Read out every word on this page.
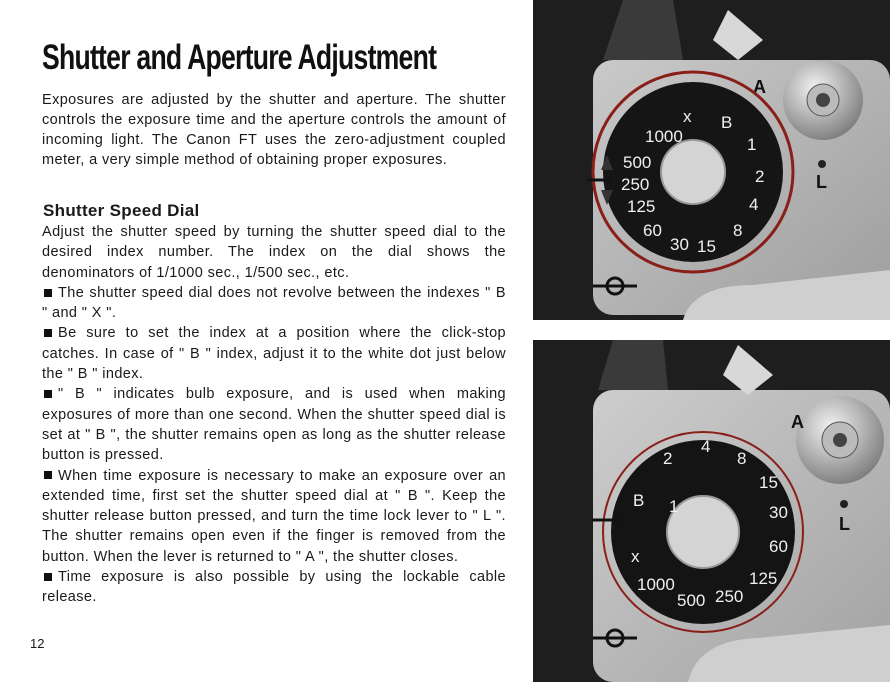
Shutter and Aperture Adjustment
Exposures are adjusted by the shutter and aperture. The shutter controls the exposure time and the aperture controls the amount of incoming light. The Canon FT uses the zero-adjustment coupled meter, a very simple method of obtaining proper exposures.
Shutter Speed Dial

Adjust the shutter speed by turning the shutter speed dial to the desired index number. The index on the dial shows the denominators of 1/1000 sec., 1/500 sec., etc.

The shutter speed dial does not revolve between the indexes " B " and " X ".

Be sure to set the index at a position where the click-stop catches. In case of " B " index, adjust it to the white dot just below the " B " index.

" B " indicates bulb exposure, and is used when making exposures of more than one second. When the shutter speed dial is set at " B ", the shutter remains open as long as the shutter release button is pressed.

When time exposure is necessary to make an exposure over an extended time, first set the shutter speed dial at " B ". Keep the shutter release button pressed, and turn the time lock lever to " L ". The shutter remains open even if the finger is removed from the button. When the lever is returned to " A ", the shutter closes.

Time exposure is also possible by using the lockable cable release.

12
A
L
x
1000
500
250
125
60
30 15
8
4
2
1
B
A
L
B 1
2
4
8
15
30
60
125
250
500
1000
x
